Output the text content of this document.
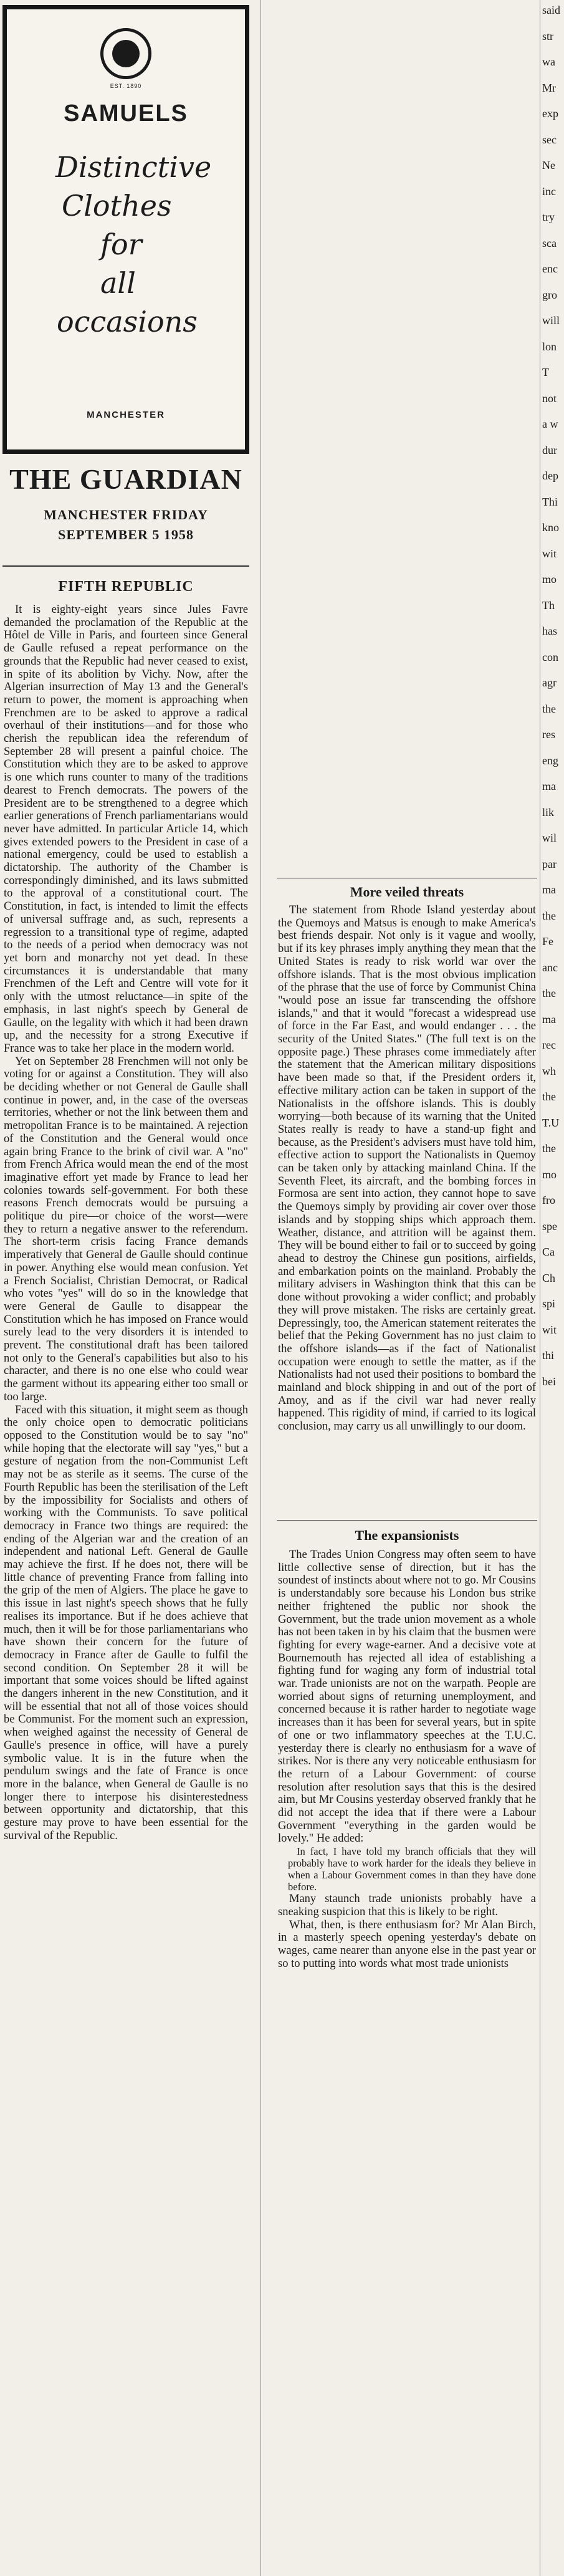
EST. 1890
SAMUELS
Distinctive
Clothes
for
all
occasions
MANCHESTER
THE GUARDIAN
MANCHESTER FRIDAY
SEPTEMBER 5 1958
FIFTH REPUBLIC

It is eighty-eight years since Jules Favre demanded the proclamation of the Republic at the Hôtel de Ville in Paris, and fourteen since General de Gaulle refused a repeat performance on the grounds that the Republic had never ceased to exist, in spite of its abolition by Vichy. Now, after the Algerian insurrection of May 13 and the General's return to power, the moment is approaching when Frenchmen are to be asked to approve a radical overhaul of their institutions—and for those who cherish the republican idea the referendum of September 28 will present a painful choice. The Constitution which they are to be asked to approve is one which runs counter to many of the traditions dearest to French democrats. The powers of the President are to be strengthened to a degree which earlier generations of French parliamentarians would never have admitted. In particular Article 14, which gives extended powers to the President in case of a national emergency, could be used to establish a dictatorship. The authority of the Chamber is correspondingly diminished, and its laws submitted to the approval of a constitutional court. The Constitution, in fact, is intended to limit the effects of universal suffrage and, as such, represents a regression to a transitional type of regime, adapted to the needs of a period when democracy was not yet born and monarchy not yet dead. In these circumstances it is understandable that many Frenchmen of the Left and Centre will vote for it only with the utmost reluctance—in spite of the emphasis, in last night's speech by General de Gaulle, on the legality with which it had been drawn up, and the necessity for a strong Executive if France was to take her place in the modern world.

Yet on September 28 Frenchmen will not only be voting for or against a Constitution. They will also be deciding whether or not General de Gaulle shall continue in power, and, in the case of the overseas territories, whether or not the link between them and metropolitan France is to be maintained. A rejection of the Constitution and the General would once again bring France to the brink of civil war. A "no" from French Africa would mean the end of the most imaginative effort yet made by France to lead her colonies towards self-government. For both these reasons French democrats would be pursuing a politique du pire—or choice of the worst—were they to return a negative answer to the referendum. The short-term crisis facing France demands imperatively that General de Gaulle should continue in power. Anything else would mean confusion. Yet a French Socialist, Christian Democrat, or Radical who votes "yes" will do so in the knowledge that were General de Gaulle to disappear the Constitution which he has imposed on France would surely lead to the very disorders it is intended to prevent. The constitutional draft has been tailored not only to the General's capabilities but also to his character, and there is no one else who could wear the garment without its appearing either too small or too large.

Faced with this situation, it might seem as though the only choice open to democratic politicians opposed to the Constitution would be to say "no" while hoping that the electorate will say "yes," but a gesture of negation from the non-Communist Left may not be as sterile as it seems. The curse of the Fourth Republic has been the sterilisation of the Left by the impossibility for Socialists and others of working with the Communists. To save political democracy in France two things are required: the ending of the Algerian war and the creation of an independent and national Left. General de Gaulle may achieve the first. If he does not, there will be little chance of preventing France from falling into the grip of the men of Algiers. The place he gave to this issue in last night's speech shows that he fully realises its importance. But if he does achieve that much, then it will be for those parliamentarians who have shown their concern for the future of democracy in France after de Gaulle to fulfil the second condition. On September 28 it will be important that some voices should be lifted against the dangers inherent in the new Constitution, and it will be essential that not all of those voices should be Communist. For the moment such an expression, when weighed against the necessity of General de Gaulle's presence in office, will have a purely symbolic value. It is in the future when the pendulum swings and the fate of France is once more in the balance, when General de Gaulle is no longer there to interpose his disinterestedness between opportunity and dictatorship, that this gesture may prove to have been essential for the survival of the Republic.

More veiled threats

The statement from Rhode Island yesterday about the Quemoys and Matsus is enough to make America's best friends despair. Not only is it vague and woolly, but if its key phrases imply anything they mean that the United States is ready to risk world war over the offshore islands. That is the most obvious implication of the phrase that the use of force by Communist China "would pose an issue far transcending the offshore islands," and that it would "forecast a widespread use of force in the Far East, and would endanger . . . the security of the United States." (The full text is on the opposite page.) These phrases come immediately after the statement that the American military dispositions have been made so that, if the President orders it, effective military action can be taken in support of the Nationalists in the offshore islands. This is doubly worrying—both because of its warning that the United States really is ready to have a stand-up fight and because, as the President's advisers must have told him, effective action to support the Nationalists in Quemoy can be taken only by attacking mainland China. If the Seventh Fleet, its aircraft, and the bombing forces in Formosa are sent into action, they cannot hope to save the Quemoys simply by providing air cover over those islands and by stopping ships which approach them. Weather, distance, and attrition will be against them. They will be bound either to fail or to succeed by going ahead to destroy the Chinese gun positions, airfields, and embarkation points on the mainland. Probably the military advisers in Washington think that this can be done without provoking a wider conflict; and probably they will prove mistaken. The risks are certainly great. Depressingly, too, the American statement reiterates the belief that the Peking Government has no just claim to the offshore islands—as if the fact of Nationalist occupation were enough to settle the matter, as if the Nationalists had not used their positions to bombard the mainland and block shipping in and out of the port of Amoy, and as if the civil war had never really happened. This rigidity of mind, if carried to its logical conclusion, may carry us all unwillingly to our doom.

The expansionists

The Trades Union Congress may often seem to have little collective sense of direction, but it has the soundest of instincts about where not to go. Mr Cousins is understandably sore because his London bus strike neither frightened the public nor shook the Government, but the trade union movement as a whole has not been taken in by his claim that the busmen were fighting for every wage-earner. And a decisive vote at Bournemouth has rejected all idea of establishing a fighting fund for waging any form of industrial total war. Trade unionists are not on the warpath. People are worried about signs of returning unemployment, and concerned because it is rather harder to negotiate wage increases than it has been for several years, but in spite of one or two inflammatory speeches at the T.U.C. yesterday there is clearly no enthusiasm for a wave of strikes. Nor is there any very noticeable enthusiasm for the return of a Labour Government: of course resolution after resolution says that this is the desired aim, but Mr Cousins yesterday observed frankly that he did not accept the idea that if there were a Labour Government "everything in the garden would be lovely." He added:

In fact, I have told my branch officials that they will probably have to work harder for the ideals they believe in when a Labour Government comes in than they have done before.

Many staunch trade unionists probably have a sneaking suspicion that this is likely to be right.

What, then, is there enthusiasm for? Mr Alan Birch, in a masterly speech opening yesterday's debate on wages, came nearer than anyone else in the past year or so to putting into words what most trade unionists

said
str
wa
Mr
exp
sec
Ne
inc
try
sca
enc
gro
will
lon
T
not
a w
dur
dep
Thi
kno
wit
mo
Th
has
con
agr
the
res
eng
ma
lik
wil
par
ma
the
Fe
anc
the
ma
rec
wh
the
T.U
the
mo
fro
spe
Ca
Ch
spi
wit
thi
bei
